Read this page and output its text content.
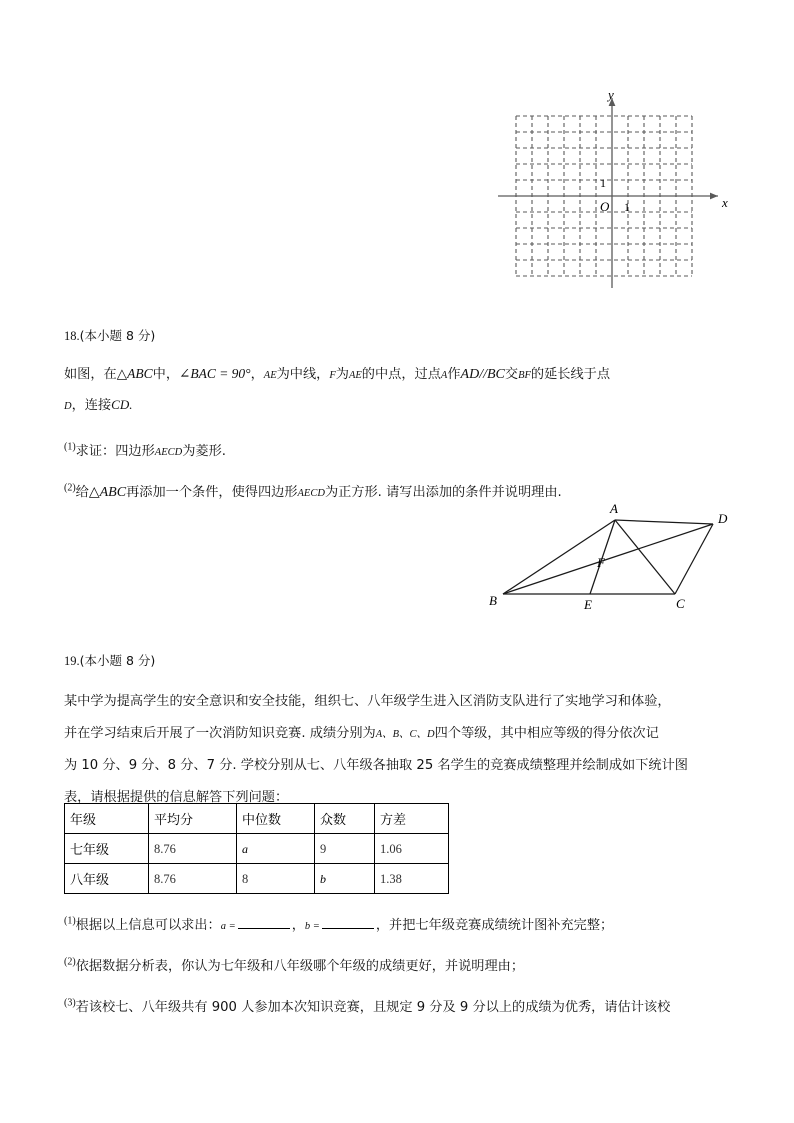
y
x
O
1
1
18.(本小题 8 分)
如图，在△ABC中，∠BAC = 90°，AE为中线，F为AE的中点，过点A作AD//BC交BF的延长线于点
D，连接CD.
$^{(1)}$求证：四边形AECD为菱形.
$^{(2)}$给△ABC再添加一个条件，使得四边形AECD为正方形. 请写出添加的条件并说明理由.
A
D
F
B	E	C
19.(本小题 8 分)
某中学为提高学生的安全意识和安全技能，组织七、八年级学生进入区消防支队进行了实地学习和体验，
并在学习结束后开展了一次消防知识竞赛. 成绩分别为A、B、C、D四个等级，其中相应等级的得分依次记
为 10 分、9 分、8 分、7 分. 学校分别从七、八年级各抽取 25 名学生的竞赛成绩整理并绘制成如下统计图
表，请根据提供的信息解答下列问题：
年级	平均分	中位数	众数	方差
七年级	8.76	a	9	1.06
八年级	8.76	8	b	1.38
$^{(1)}$根据以上信息可以求出：a =	，b =	，并把七年级竞赛成绩统计图补充完整；
$^{(2)}$依据数据分析表，你认为七年级和八年级哪个年级的成绩更好，并说明理由；
$^{(3)}$若该校七、八年级共有 900 人参加本次知识竞赛，且规定 9 分及 9 分以上的成绩为优秀，请估计该校
